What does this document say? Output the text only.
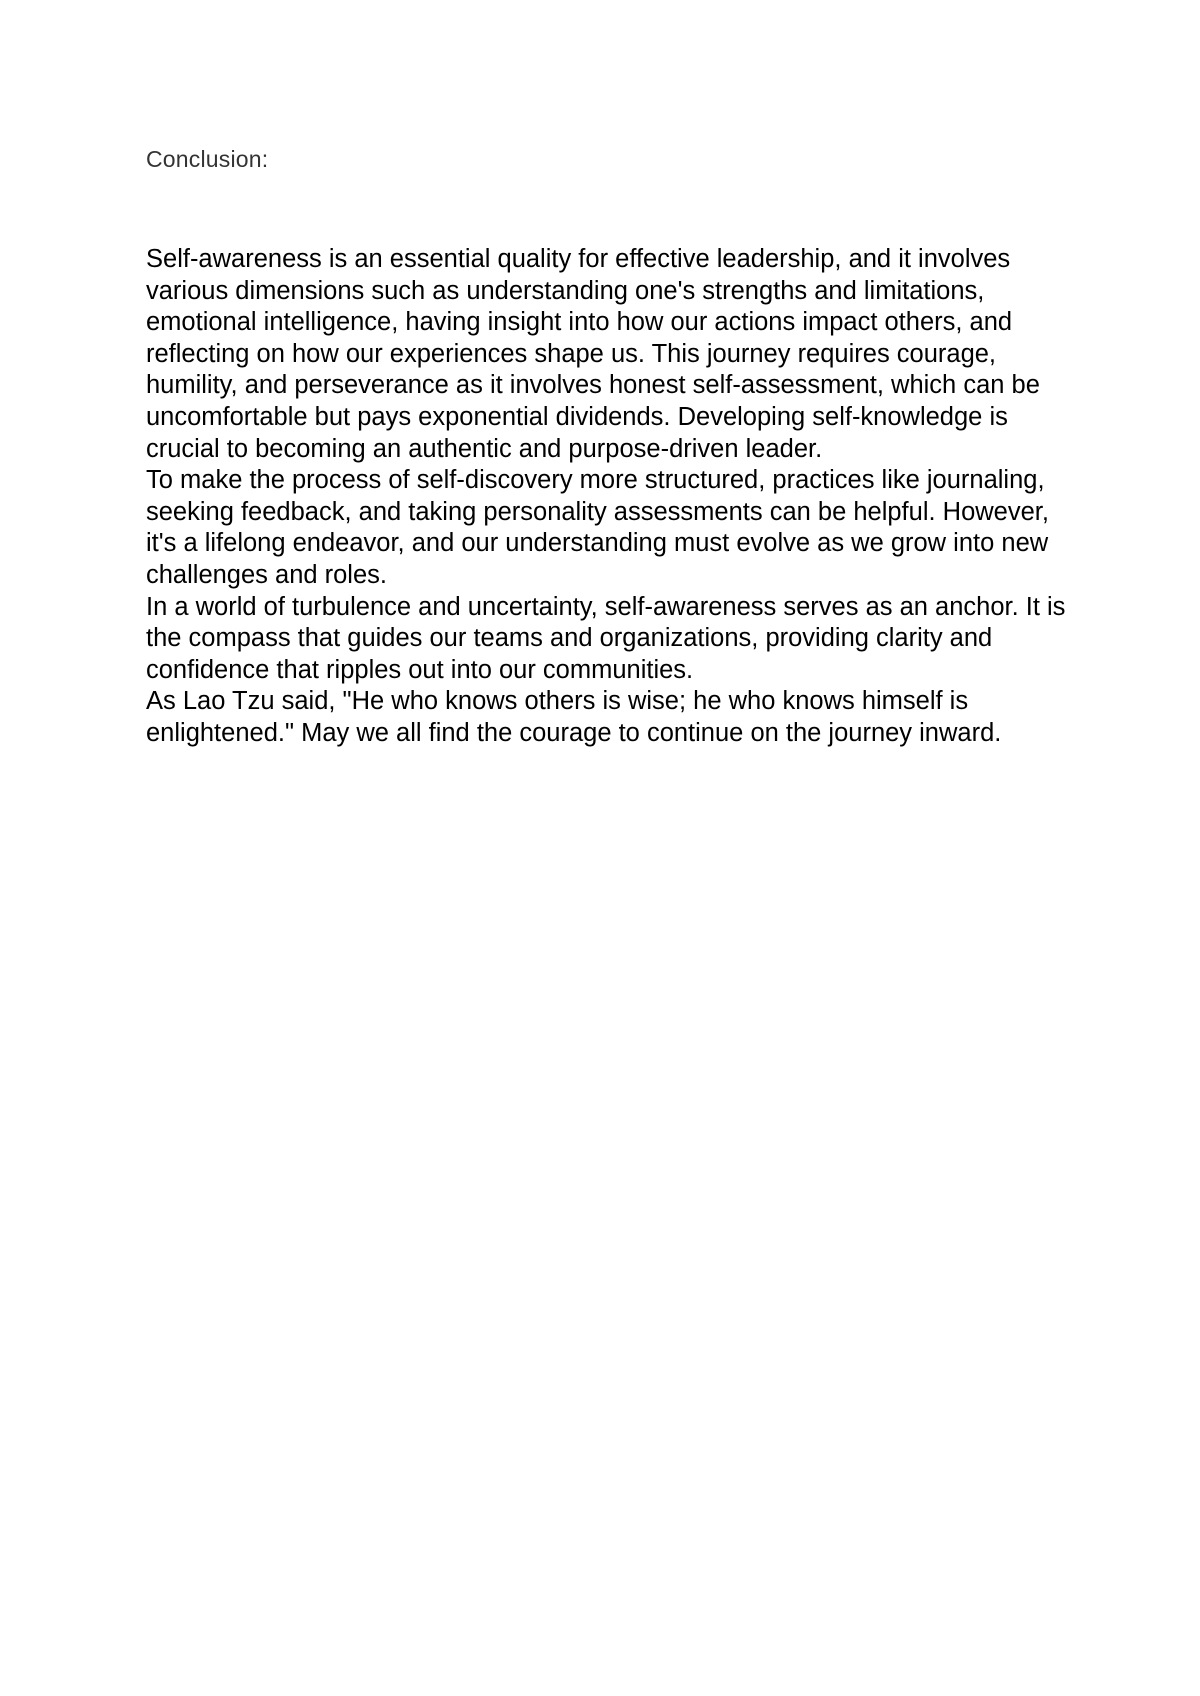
Conclusion:

Self-awareness is an essential quality for effective leadership, and it involves various dimensions such as understanding one's strengths and limitations, emotional intelligence, having insight into how our actions impact others, and reflecting on how our experiences shape us. This journey requires courage, humility, and perseverance as it involves honest self-assessment, which can be uncomfortable but pays exponential dividends. Developing self-knowledge is crucial to becoming an authentic and purpose-driven leader.

To make the process of self-discovery more structured, practices like journaling, seeking feedback, and taking personality assessments can be helpful. However, it's a lifelong endeavor, and our understanding must evolve as we grow into new challenges and roles.

In a world of turbulence and uncertainty, self-awareness serves as an anchor. It is the compass that guides our teams and organizations, providing clarity and confidence that ripples out into our communities.

As Lao Tzu said, "He who knows others is wise; he who knows himself is enlightened." May we all find the courage to continue on the journey inward.
